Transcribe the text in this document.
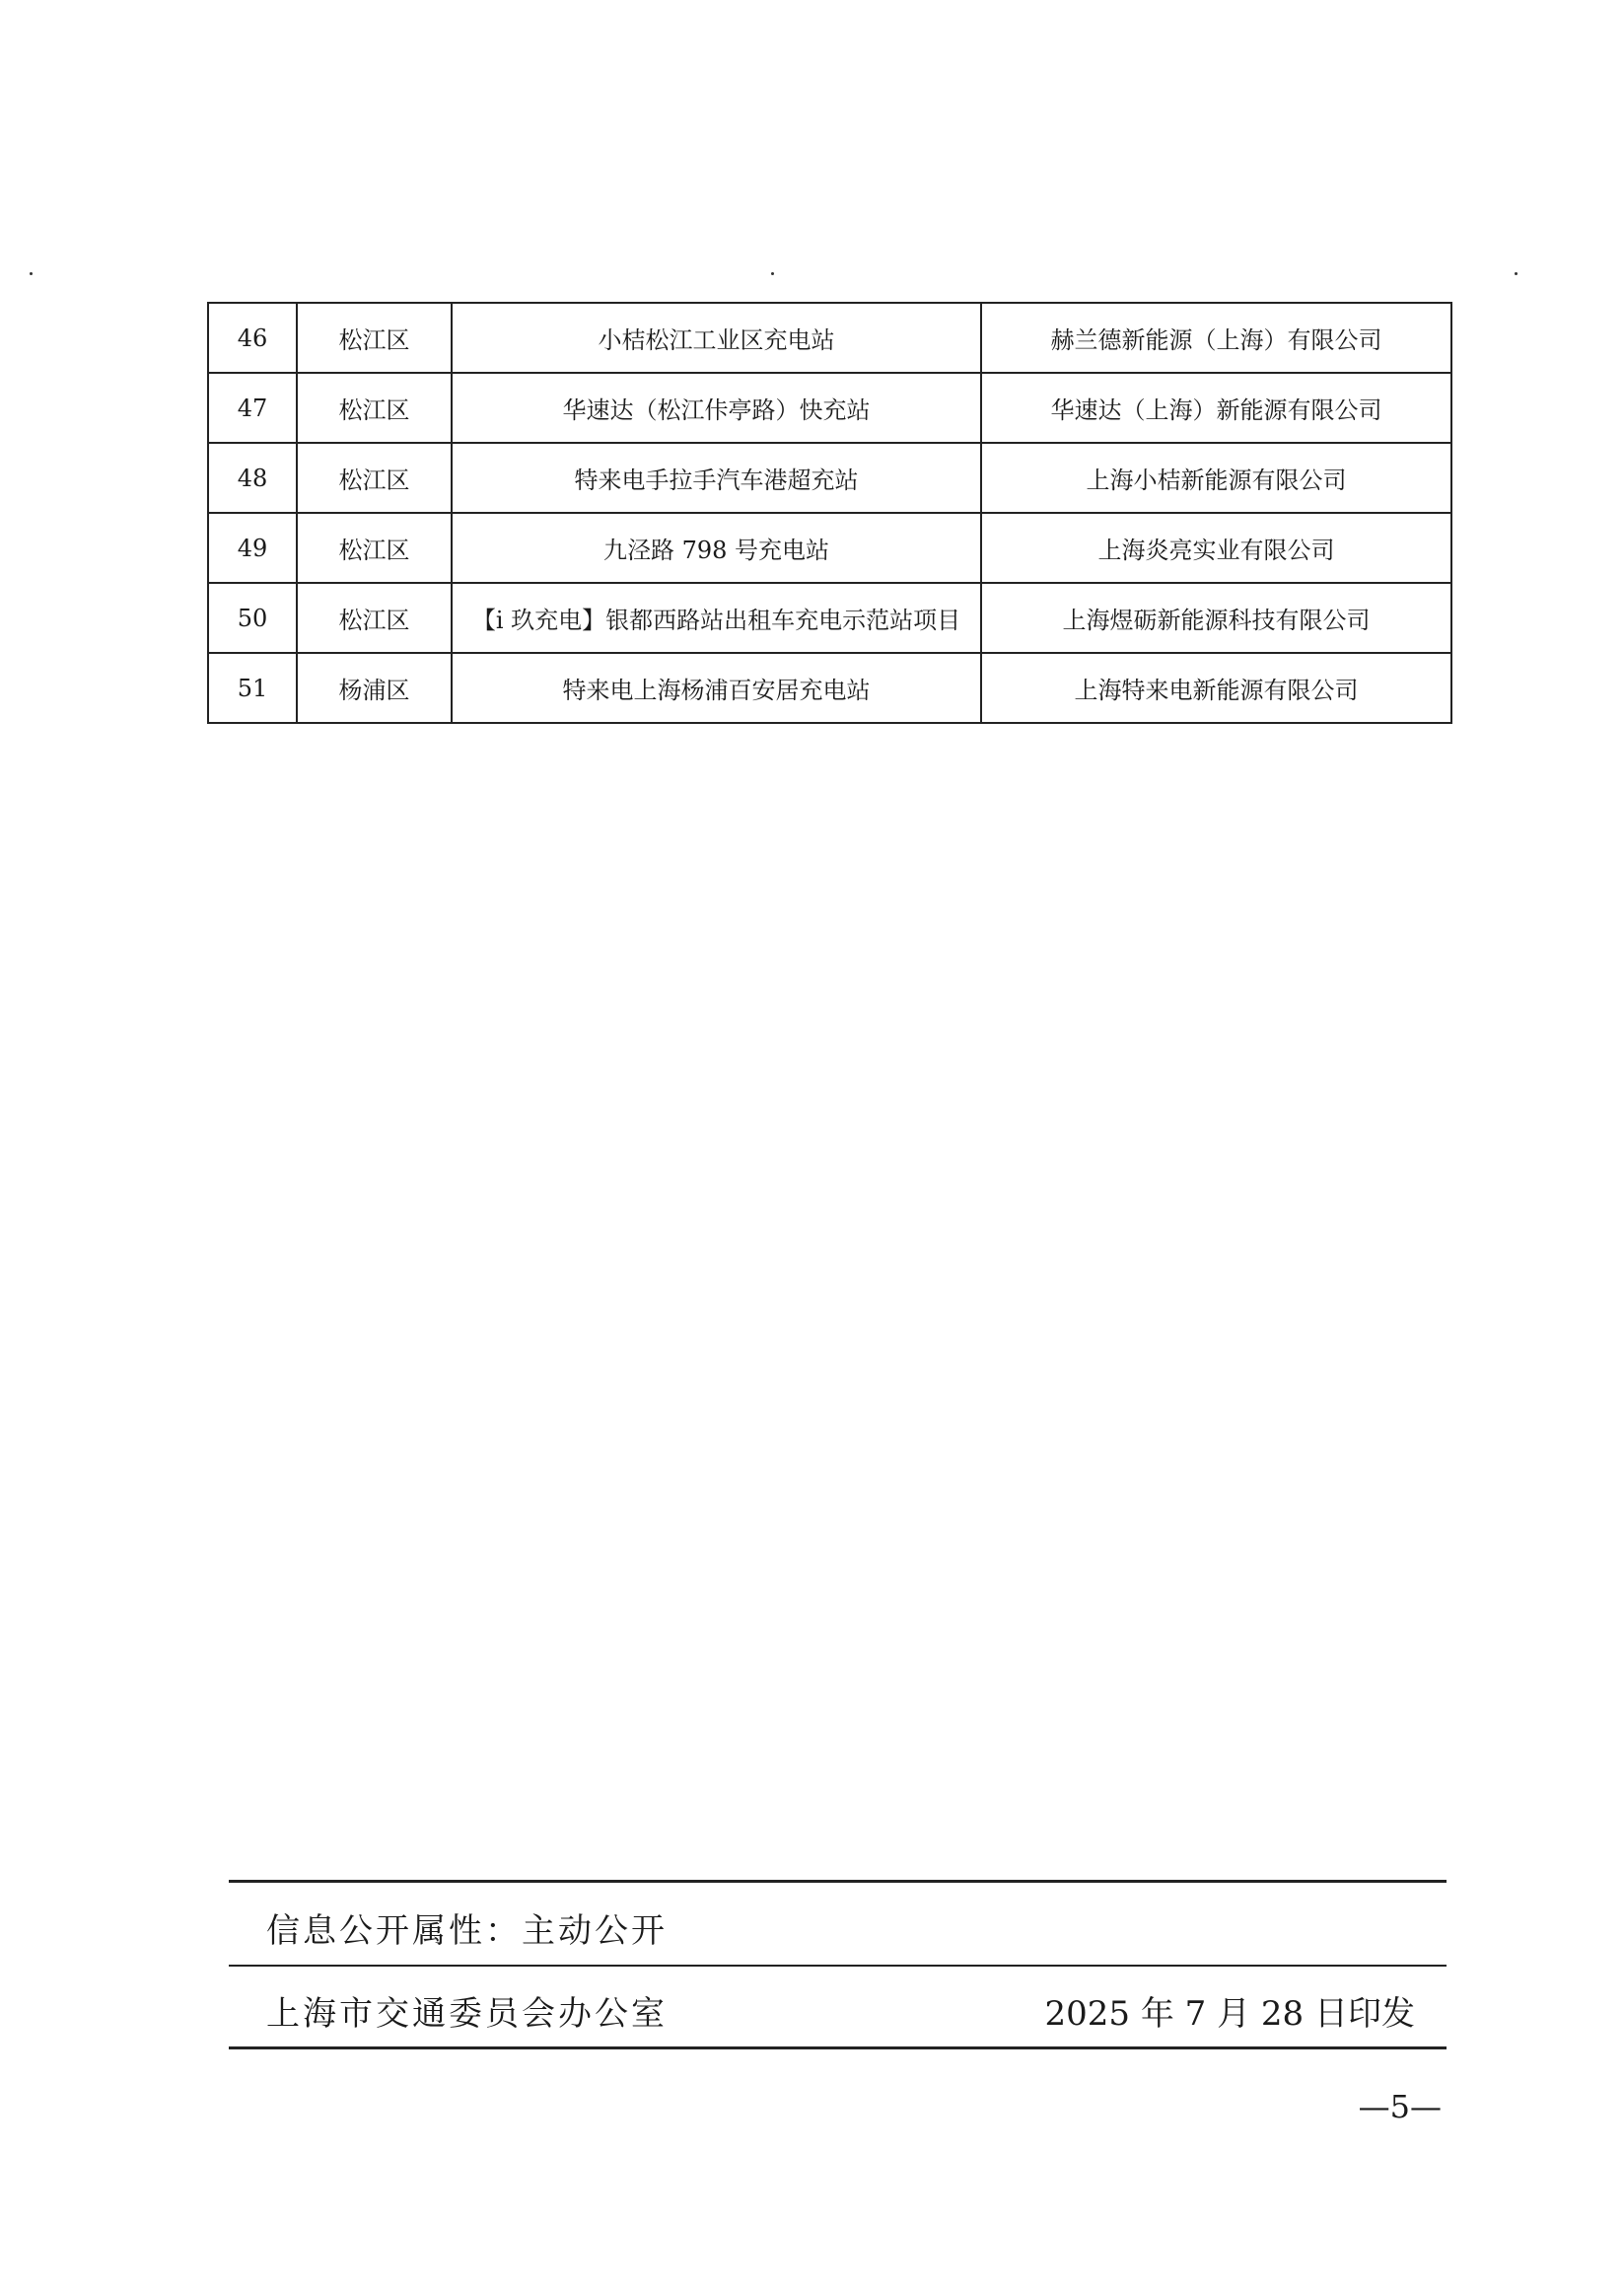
46	松江区	小桔松江工业区充电站	赫兰德新能源（上海）有限公司
47	松江区	华速达（松江佧亭路）快充站	华速达（上海）新能源有限公司
48	松江区	特来电手拉手汽车港超充站	上海小桔新能源有限公司
49	松江区	九泾路 798 号充电站	上海炎亮实业有限公司
50	松江区	【i 玖充电】银都西路站出租车充电示范站项目	上海煜砺新能源科技有限公司
51	杨浦区	特来电上海杨浦百安居充电站	上海特来电新能源有限公司
信息公开属性：主动公开
上海市交通委员会办公室	2025 年 7 月 28 日印发
—5—
